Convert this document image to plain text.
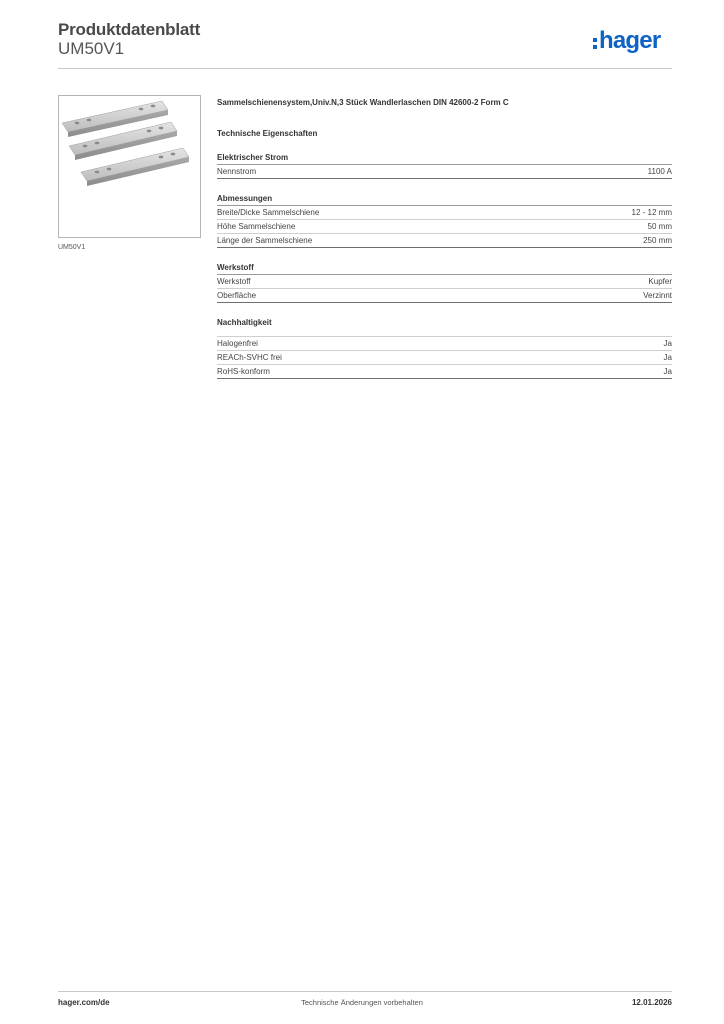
Produktdatenblatt
UM50V1	hager
UM50V1
Sammelschienensystem,Univ.N,3 Stück Wandlerlaschen DIN 42600-2 Form C
Technische Eigenschaften
Elektrischer Strom
Nennstrom	1100 A
Abmessungen
Breite/Dicke Sammelschiene	12 - 12 mm
Höhe Sammelschiene	50 mm
Länge der Sammelschiene	250 mm
Werkstoff
Werkstoff	Kupfer
Oberfläche	Verzinnt
Nachhaltigkeit
Halogenfrei	Ja
REACh-SVHC frei	Ja
RoHS-konform	Ja
hager.com/de	Technische Änderungen vorbehalten	12.01.2026
